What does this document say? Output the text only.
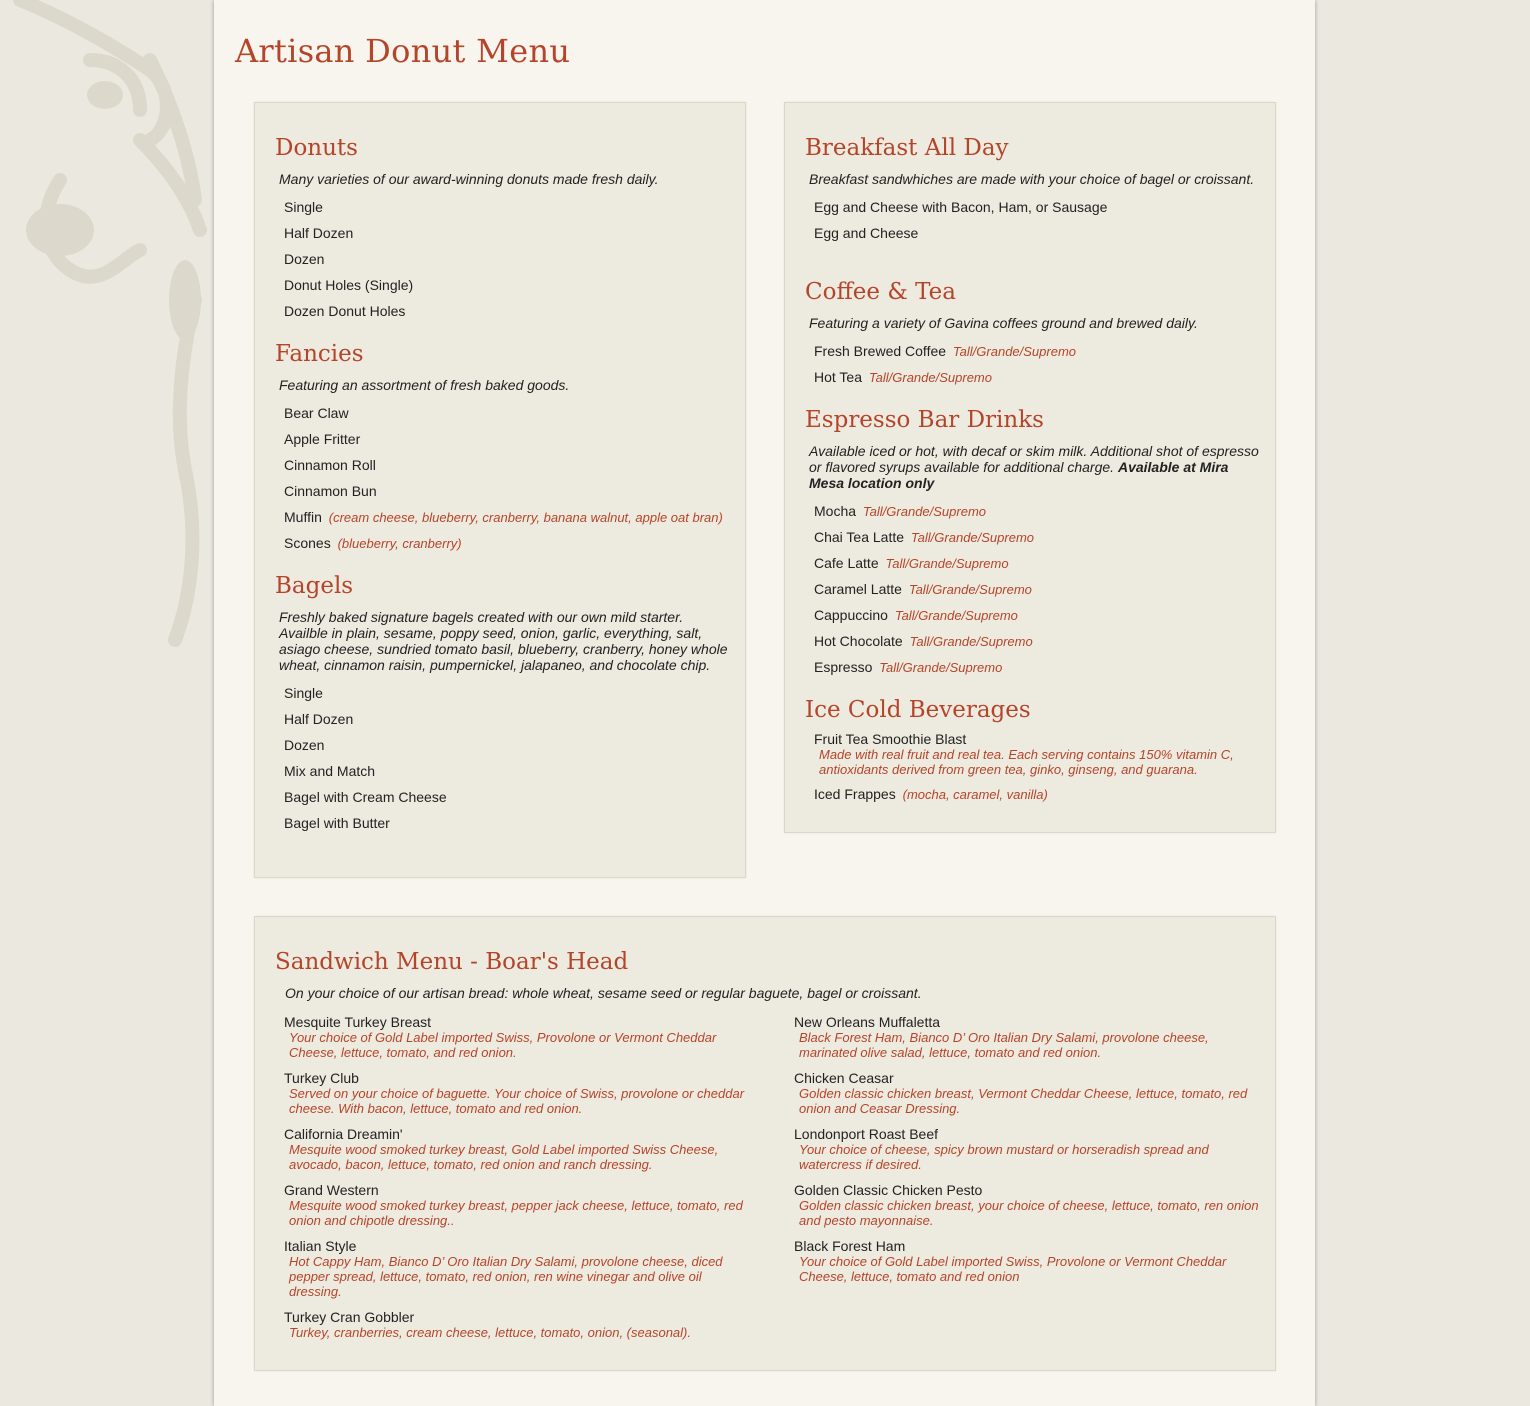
Artisan Donut Menu
Donuts
Many varieties of our award-winning donuts made fresh daily.
Single
Half Dozen
Dozen
Donut Holes (Single)
Dozen Donut Holes
Fancies
Featuring an assortment of fresh baked goods.
Bear Claw
Apple Fritter
Cinnamon Roll
Cinnamon Bun
Muffin (cream cheese, blueberry, cranberry, banana walnut, apple oat bran)
Scones (blueberry, cranberry)
Bagels
Freshly baked signature bagels created with our own mild starter. Availble in plain, sesame, poppy seed, onion, garlic, everything, salt, asiago cheese, sundried tomato basil, blueberry, cranberry, honey whole wheat, cinnamon raisin, pumpernickel, jalapaneo, and chocolate chip.
Single
Half Dozen
Dozen
Mix and Match
Bagel with Cream Cheese
Bagel with Butter
Breakfast All Day
Breakfast sandwhiches are made with your choice of bagel or croissant.
Egg and Cheese with Bacon, Ham, or Sausage
Egg and Cheese
Coffee & Tea
Featuring a variety of Gavina coffees ground and brewed daily.
Fresh Brewed Coffee Tall/Grande/Supremo
Hot Tea Tall/Grande/Supremo
Espresso Bar Drinks
Available iced or hot, with decaf or skim milk. Additional shot of espresso or flavored syrups available for additional charge. Available at Mira Mesa location only
Mocha Tall/Grande/Supremo
Chai Tea Latte Tall/Grande/Supremo
Cafe Latte Tall/Grande/Supremo
Caramel Latte Tall/Grande/Supremo
Cappuccino Tall/Grande/Supremo
Hot Chocolate Tall/Grande/Supremo
Espresso Tall/Grande/Supremo
Ice Cold Beverages
Fruit Tea Smoothie Blast
Made with real fruit and real tea. Each serving contains 150% vitamin C, antioxidants derived from green tea, ginko, ginseng, and guarana.
Iced Frappes (mocha, caramel, vanilla)
Sandwich Menu - Boar's Head
On your choice of our artisan bread: whole wheat, sesame seed or regular baguete, bagel or croissant.
Mesquite Turkey Breast
Your choice of Gold Label imported Swiss, Provolone or Vermont Cheddar Cheese, lettuce, tomato, and red onion.
Turkey Club
Served on your choice of baguette. Your choice of Swiss, provolone or cheddar cheese. With bacon, lettuce, tomato and red onion.
California Dreamin'
Mesquite wood smoked turkey breast, Gold Label imported Swiss Cheese, avocado, bacon, lettuce, tomato, red onion and ranch dressing.
Grand Western
Mesquite wood smoked turkey breast, pepper jack cheese, lettuce, tomato, red onion and chipotle dressing..
Italian Style
Hot Cappy Ham, Bianco D’ Oro Italian Dry Salami, provolone cheese, diced pepper spread, lettuce, tomato, red onion, ren wine vinegar and olive oil dressing.
Turkey Cran Gobbler
Turkey, cranberries, cream cheese, lettuce, tomato, onion, (seasonal).
New Orleans Muffaletta
Black Forest Ham, Bianco D’ Oro Italian Dry Salami, provolone cheese, marinated olive salad, lettuce, tomato and red onion.
Chicken Ceasar
Golden classic chicken breast, Vermont Cheddar Cheese, lettuce, tomato, red onion and Ceasar Dressing.
Londonport Roast Beef
Your choice of cheese, spicy brown mustard or horseradish spread and watercress if desired.
Golden Classic Chicken Pesto
Golden classic chicken breast, your choice of cheese, lettuce, tomato, ren onion and pesto mayonnaise.
Black Forest Ham
Your choice of Gold Label imported Swiss, Provolone or Vermont Cheddar Cheese, lettuce, tomato and red onion
